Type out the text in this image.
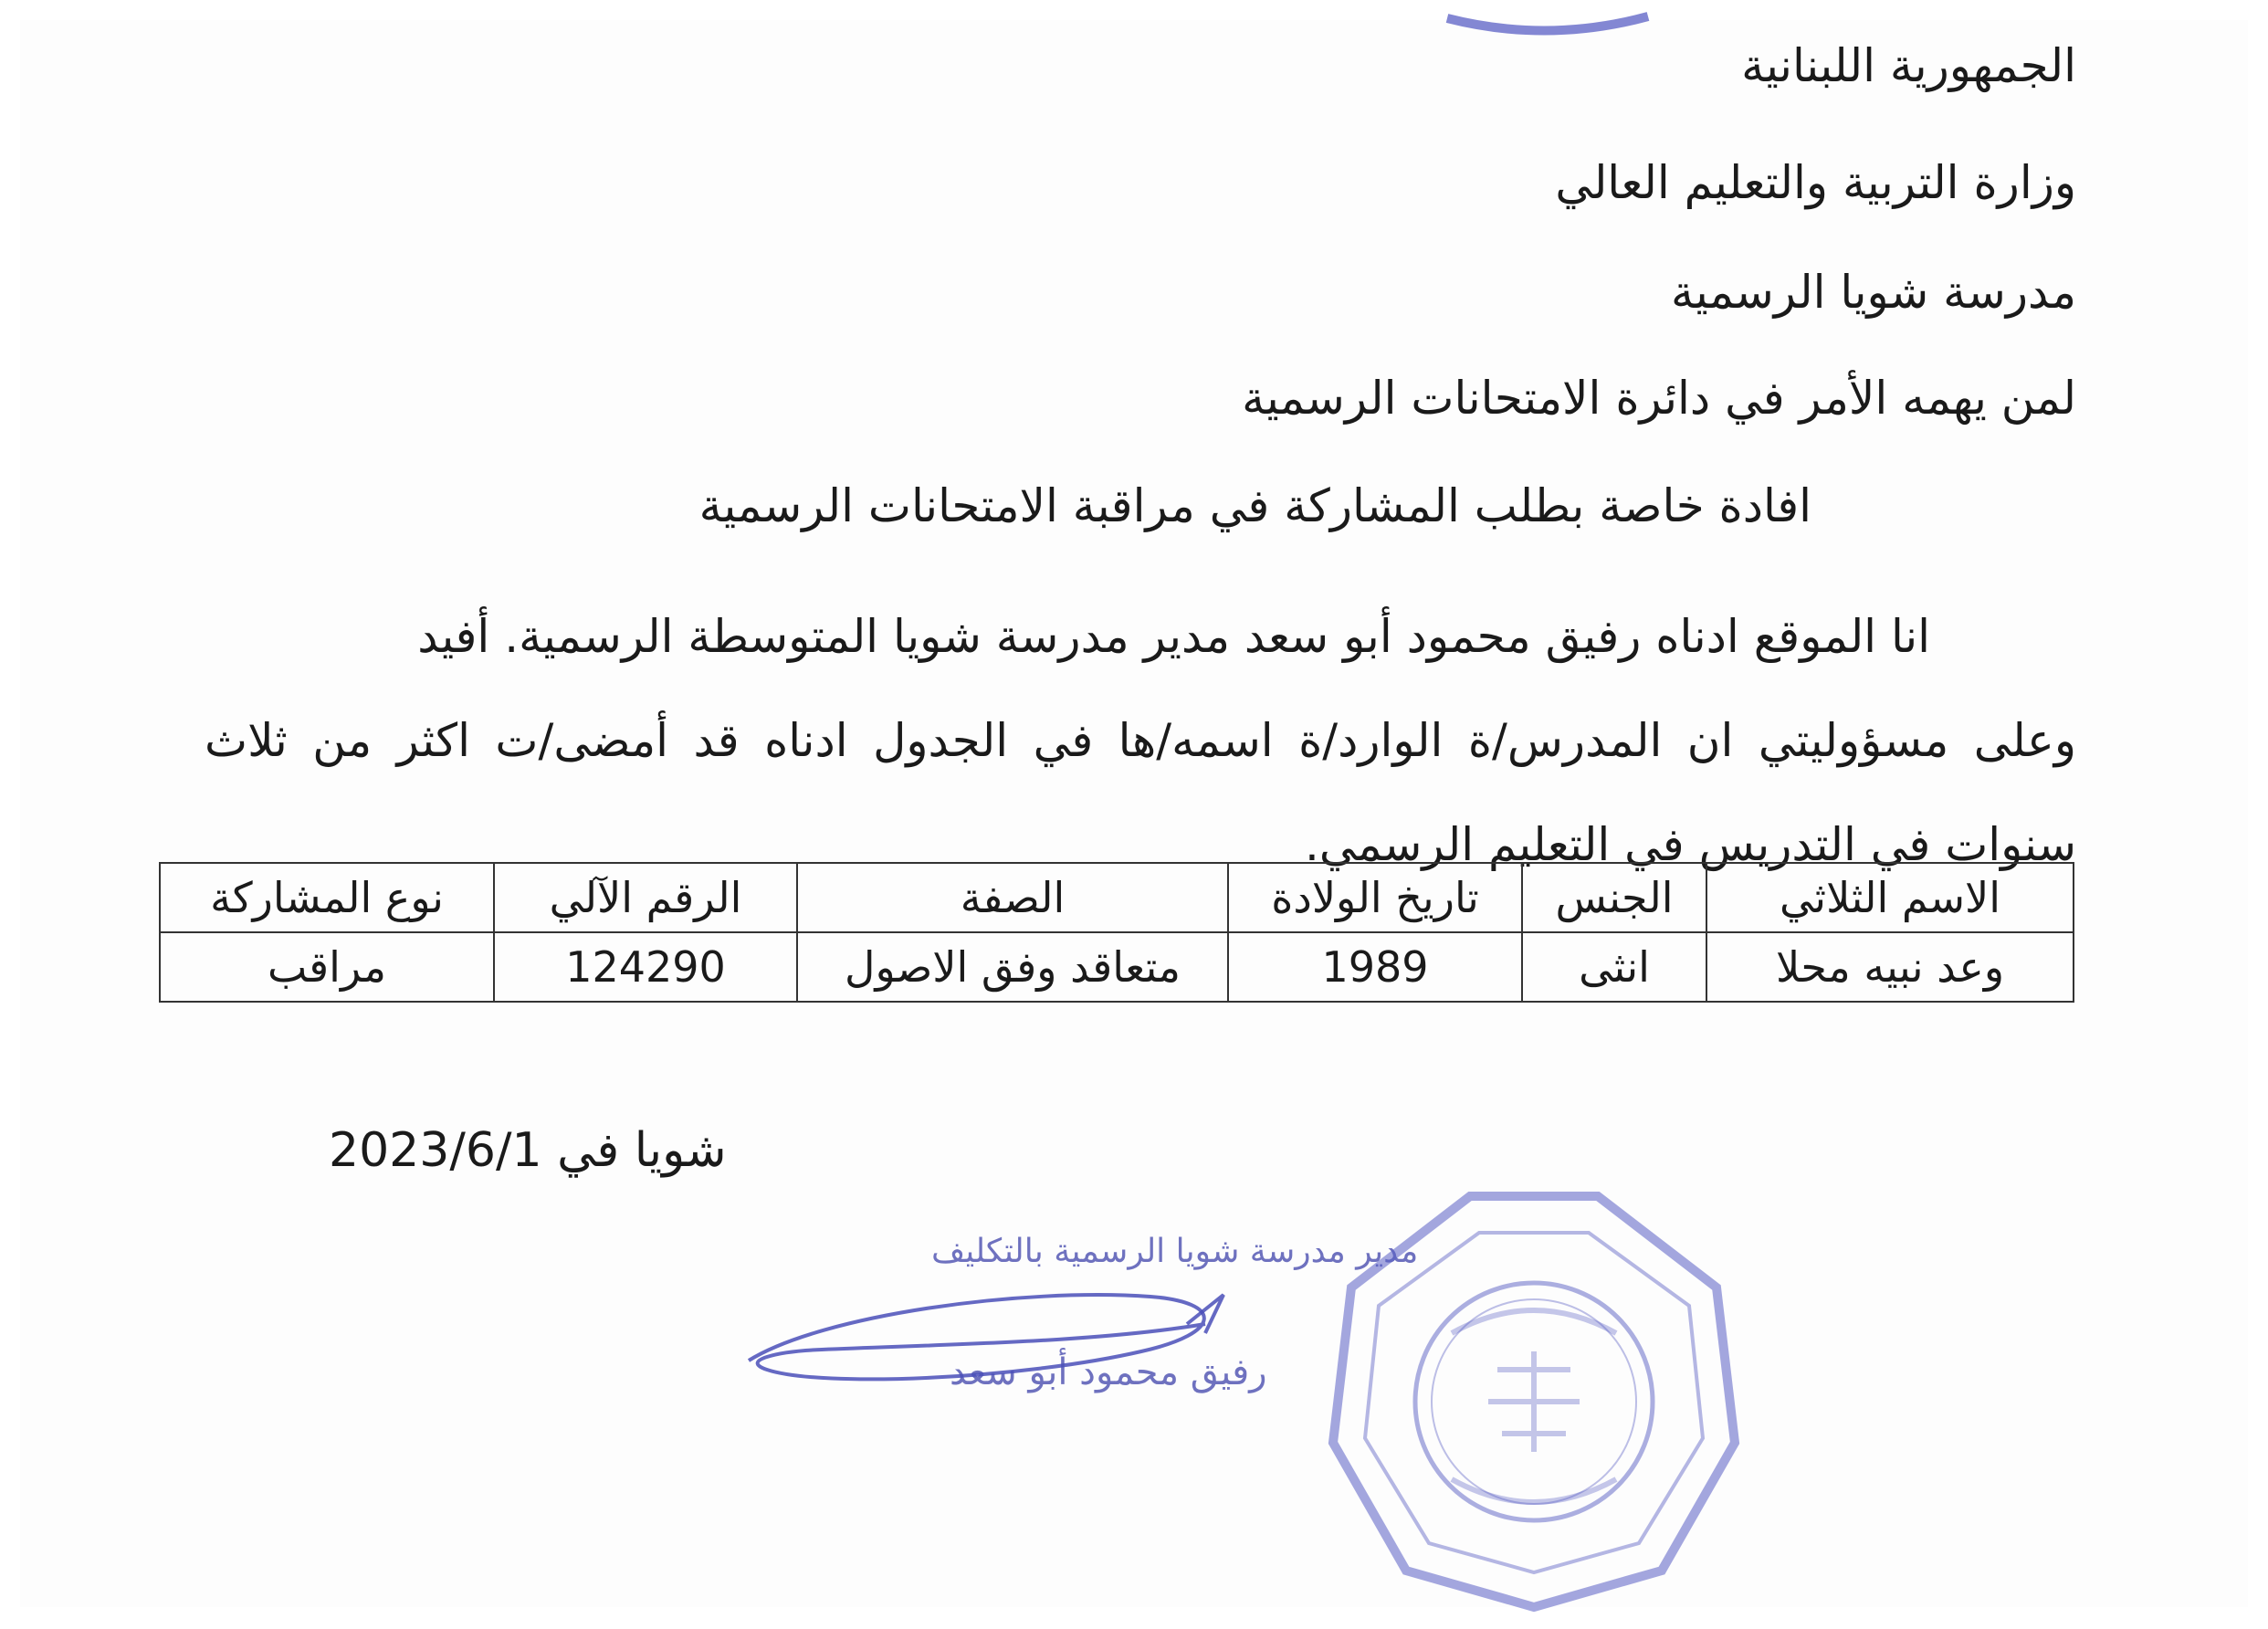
الجمهورية اللبنانية
وزارة التربية والتعليم العالي
مدرسة شويا الرسمية
لمن يهمه الأمر في دائرة الامتحانات الرسمية
افادة خاصة بطلب المشاركة في مراقبة الامتحانات الرسمية

انا الموقع ادناه رفيق محمود أبو سعد مدير مدرسة شويا المتوسطة الرسمية. أفيد

وعلى مسؤوليتي ان المدرس/ة الوارد/ة اسمه/ها في الجدول ادناه قد أمضى/ت اكثر من ثلاث

سنوات في التدريس في التعليم الرسمي.

الاسم الثلاثي	الجنس	تاريخ الولادة	الصفة	الرقم الآلي	نوع المشاركة
وعد نبيه محلا	انثى	1989	متعاقد وفق الاصول	124290	مراقب
شويا في 2023/6/1
مدير مدرسة شويا الرسمية بالتكليف
رفيق محمود أبو سعد
